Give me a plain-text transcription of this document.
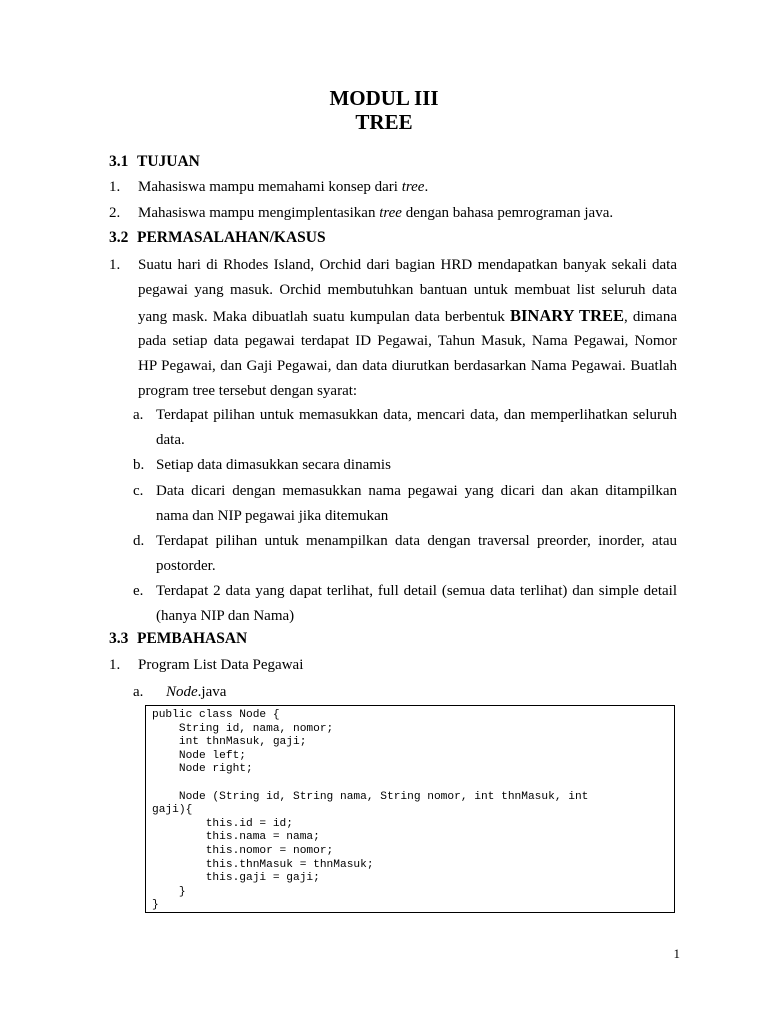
MODUL III
TREE
3.1 TUJUAN
1. Mahasiswa mampu memahami konsep dari tree.
2. Mahasiswa mampu mengimplentasikan tree dengan bahasa pemrograman java.
3.2 PERMASALAHAN/KASUS
1. Suatu hari di Rhodes Island, Orchid dari bagian HRD mendapatkan banyak sekali data
pegawai yang masuk. Orchid membutuhkan bantuan untuk membuat list seluruh data
yang mask. Maka dibuatlah suatu kumpulan data berbentuk BINARY TREE, dimana
pada setiap data pegawai terdapat ID Pegawai, Tahun Masuk, Nama Pegawai, Nomor
HP Pegawai, dan Gaji Pegawai, dan data diurutkan berdasarkan Nama Pegawai. Buatlah
program tree tersebut dengan syarat:
a. Terdapat pilihan untuk memasukkan data, mencari data, dan memperlihatkan seluruh
data.
b. Setiap data dimasukkan secara dinamis
c. Data dicari dengan memasukkan nama pegawai yang dicari dan akan ditampilkan
nama dan NIP pegawai jika ditemukan
d. Terdapat pilihan untuk menampilkan data dengan traversal preorder, inorder, atau
postorder.
e. Terdapat 2 data yang dapat terlihat, full detail (semua data terlihat) dan simple detail
(hanya NIP dan Nama)
3.3 PEMBAHASAN
1. Program List Data Pegawai
a. Node.java
public class Node {
String id, nama, nomor;
int thnMasuk, gaji;
Node left;
Node right;

Node (String id, String nama, String nomor, int thnMasuk, int
gaji){
this.id = id;
this.nama = nama;
this.nomor = nomor;
this.thnMasuk = thnMasuk;
this.gaji = gaji;
}
}
1
